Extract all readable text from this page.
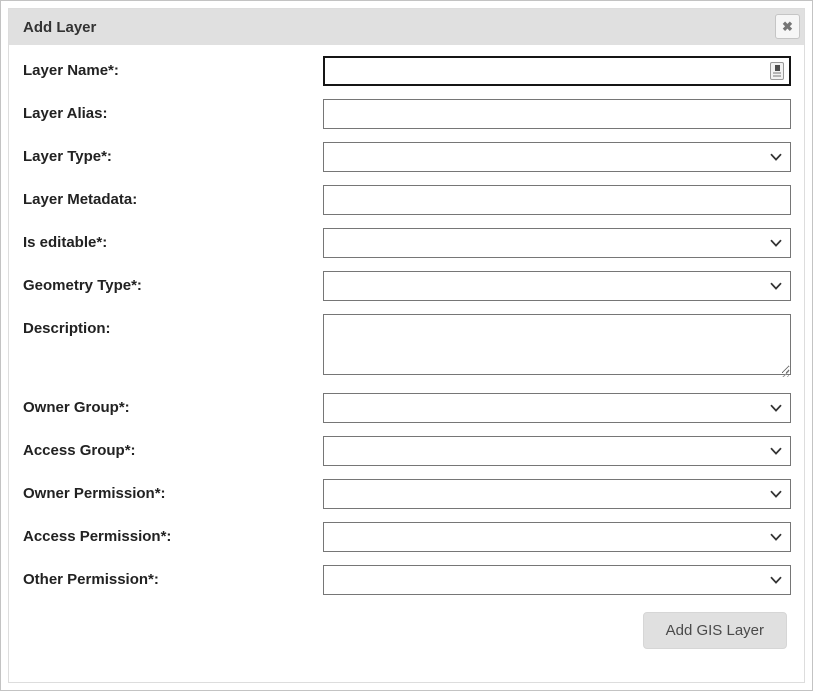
Add Layer	✖
Layer Name*:
Layer Alias:
Layer Type*:
Layer Metadata:
Is editable*:
Geometry Type*:
Description:
Owner Group*:
Access Group*:
Owner Permission*:
Access Permission*:
Other Permission*:
Add GIS Layer
